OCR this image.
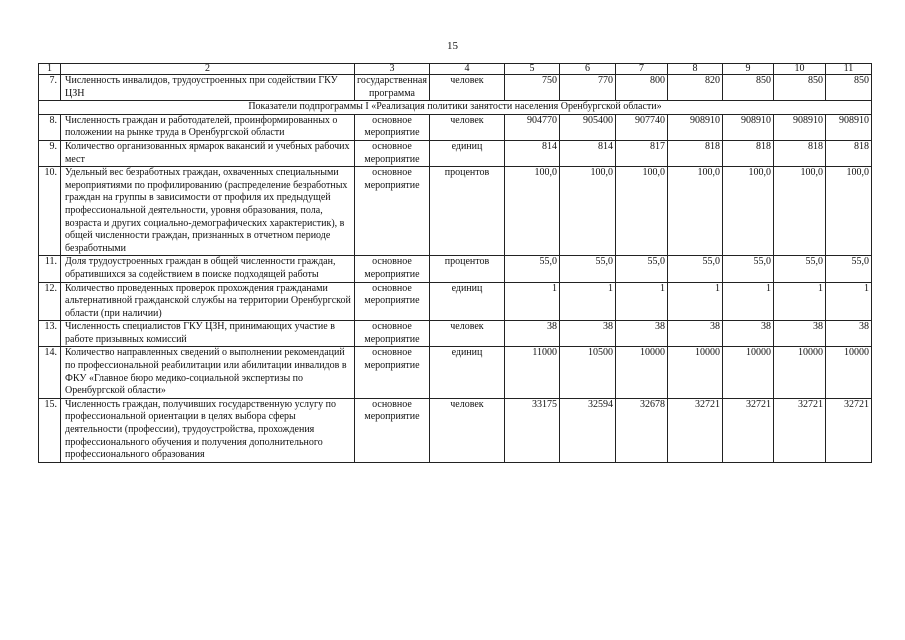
15
1	2	3	4	5	6	7	8	9	10	11
7.	Численность инвалидов, трудоустроенных при содействии ГКУ ЦЗН	государственная программа	человек	750	770	800	820	850	850	850
Показатели подпрограммы I «Реализация политики занятости населения Оренбургской области»										
8.	Численность граждан и работодателей, проинформированных о положении на рынке труда в Оренбургской области	основное мероприятие	человек	904770	905400	907740	908910	908910	908910	908910
9.	Количество организованных ярмарок вакансий и учебных рабочих мест	основное мероприятие	единиц	814	814	817	818	818	818	818
10.	Удельный вес безработных граждан, охваченных специальными мероприятиями по профилированию (распределение безработных граждан на группы в зависимости от профиля их предыдущей профессиональной деятельности, уровня образования, пола, возраста и других социально-демографических характеристик), в общей численности граждан, признанных в отчетном периоде безработными	основное мероприятие	процентов	100,0	100,0	100,0	100,0	100,0	100,0	100,0
11.	Доля трудоустроенных граждан в общей численности граждан, обратившихся за содействием в поиске подходящей работы	основное мероприятие	процентов	55,0	55,0	55,0	55,0	55,0	55,0	55,0
12.	Количество проведенных проверок прохождения гражданами альтернативной гражданской службы на территории Оренбургской области (при наличии)	основное мероприятие	единиц	1	1	1	1	1	1	1
13.	Численность специалистов ГКУ ЦЗН, принимающих участие в работе призывных комиссий	основное мероприятие	человек	38	38	38	38	38	38	38
14.	Количество направленных сведений о выполнении рекомендаций по профессиональной реабилитации или абилитации инвалидов в ФКУ «Главное бюро медико-социальной экспертизы по Оренбургской области»	основное мероприятие	единиц	11000	10500	10000	10000	10000	10000	10000
15.	Численность граждан, получивших государственную услугу по профессиональной ориентации в целях выбора сферы деятельности (профессии), трудоустройства, прохождения профессионального обучения и получения дополнительного профессионального образования	основное мероприятие	человек	33175	32594	32678	32721	32721	32721	32721
